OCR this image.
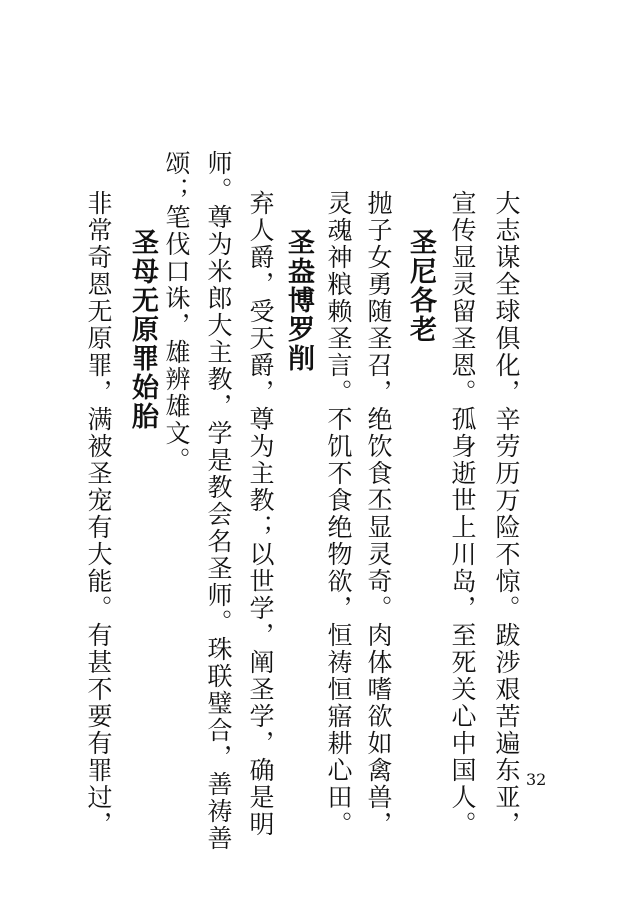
大志谋全球俱化，辛劳历万险不惊。跋涉艰苦遍东亚，
宣传显灵留圣恩。孤身逝世上川岛，至死关心中国人。
圣尼各老
抛子女勇随圣召，绝饮食丕显灵奇。肉体嗜欲如禽兽，
灵魂神粮赖圣言。不饥不食绝物欲，恒祷恒寤耕心田。
圣盎博罗削
弃人爵，受天爵，尊为主教；以世学，阐圣学，确是明
师。尊为米郎大主教，学是教会名圣师。珠联璧合，善祷善
颂；笔伐口诛，雄辨雄文。
圣母无原罪始胎
非常奇恩无原罪，满被圣宠有大能。有甚不要有罪过，	32
